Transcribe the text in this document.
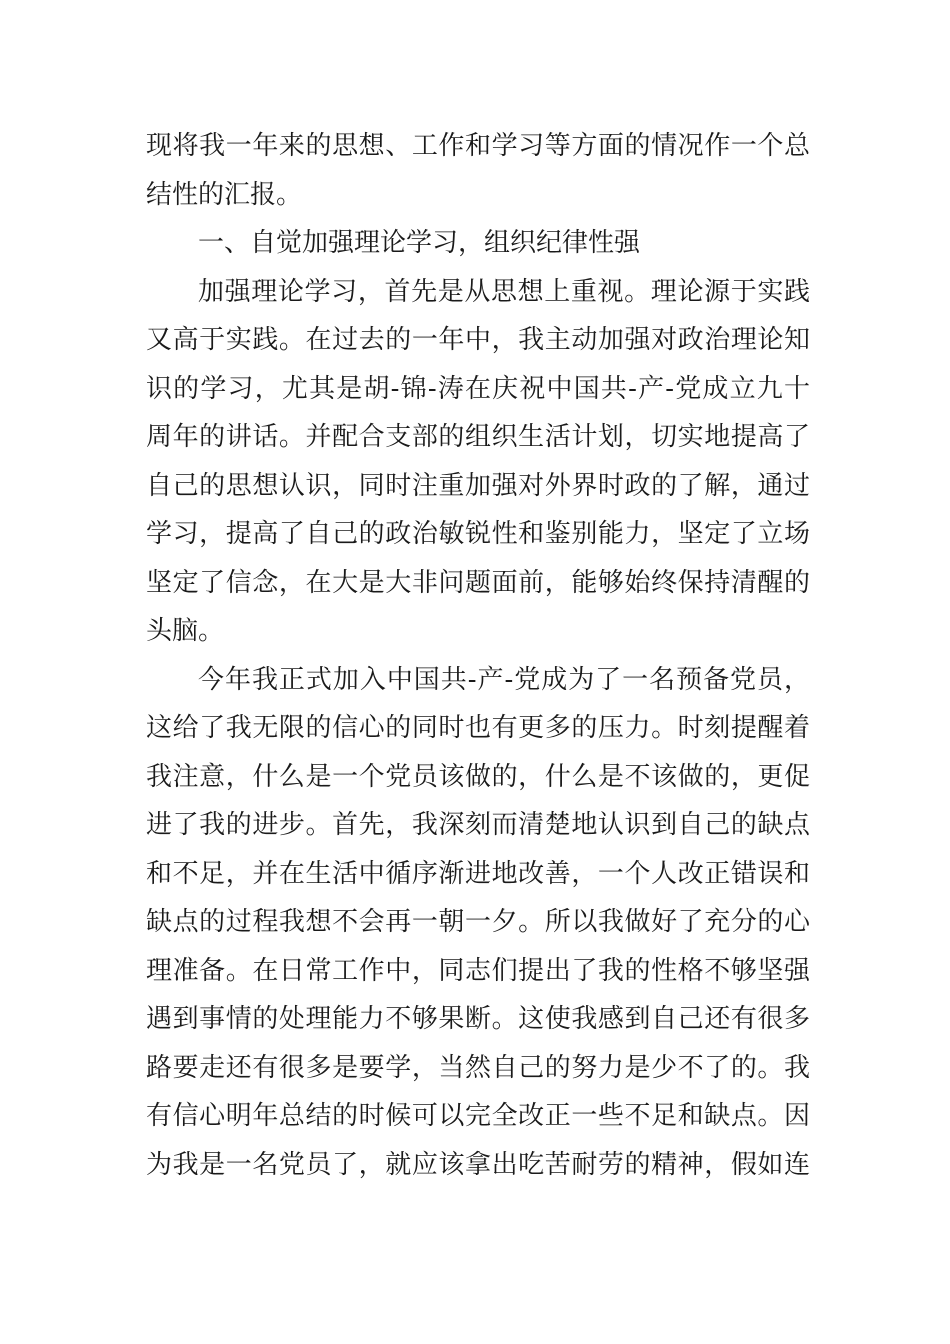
现将我一年来的思想、工作和学习等方面的情况作一个总
结性的汇报。
一、自觉加强理论学习，组织纪律性强
加强理论学习，首先是从思想上重视。理论源于实践
又高于实践。在过去的一年中，我主动加强对政治理论知
识的学习，尤其是胡-锦-涛在庆祝中国共-产-党成立九十
周年的讲话。并配合支部的组织生活计划，切实地提高了
自己的思想认识，同时注重加强对外界时政的了解，通过
学习，提高了自己的政治敏锐性和鉴别能力，坚定了立场
坚定了信念，在大是大非问题面前，能够始终保持清醒的
头脑。
今年我正式加入中国共-产-党成为了一名预备党员，
这给了我无限的信心的同时也有更多的压力。时刻提醒着
我注意，什么是一个党员该做的，什么是不该做的，更促
进了我的进步。首先，我深刻而清楚地认识到自己的缺点
和不足，并在生活中循序渐进地改善，一个人改正错误和
缺点的过程我想不会再一朝一夕。所以我做好了充分的心
理准备。在日常工作中，同志们提出了我的性格不够坚强
遇到事情的处理能力不够果断。这使我感到自己还有很多
路要走还有很多是要学，当然自己的努力是少不了的。我
有信心明年总结的时候可以完全改正一些不足和缺点。因
为我是一名党员了，就应该拿出吃苦耐劳的精神，假如连
